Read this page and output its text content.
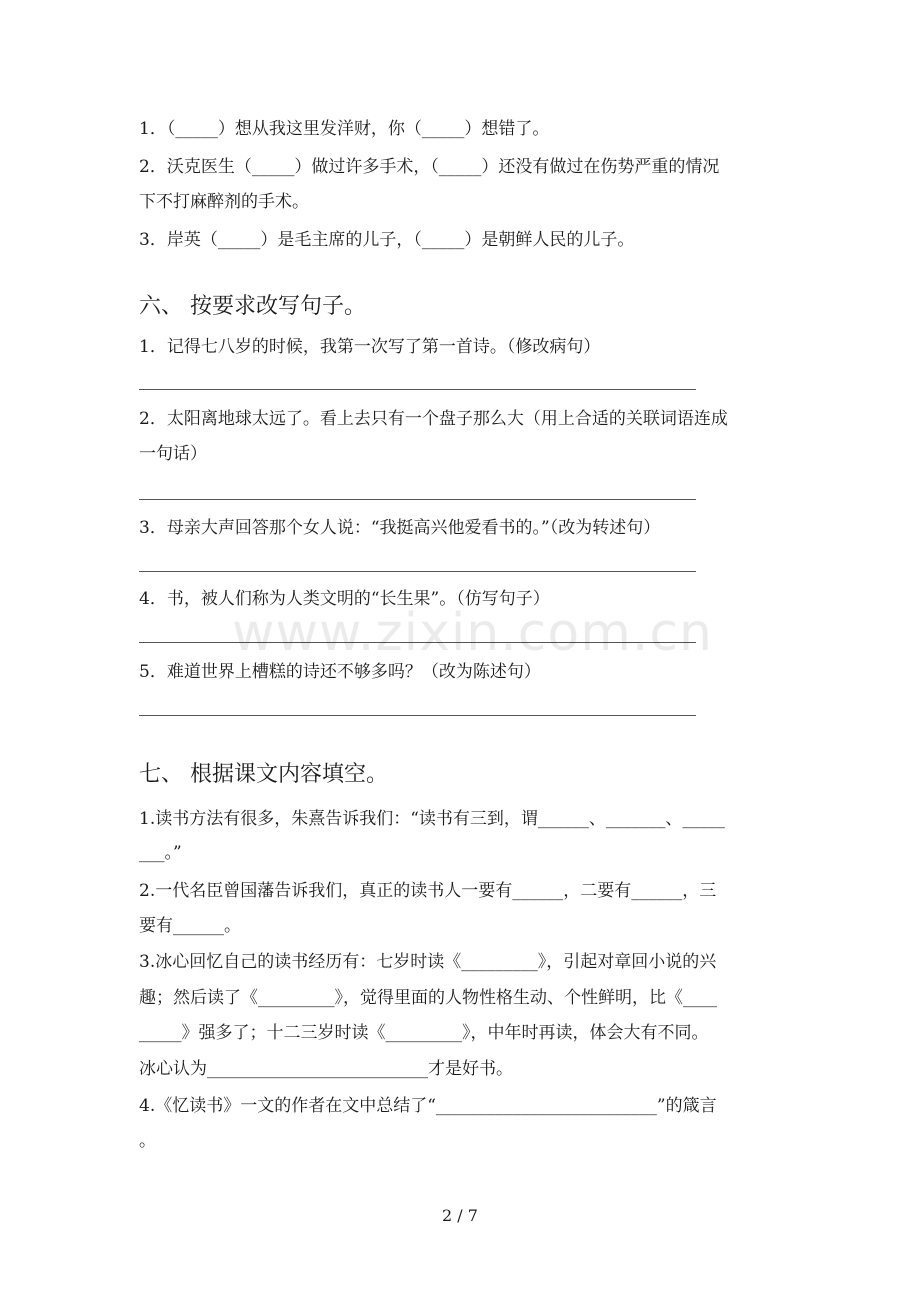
1．（_____）想从我这里发洋财，你（_____）想错了。
2．沃克医生（_____）做过许多手术，（_____）还没有做过在伤势严重的情况
下不打麻醉剂的手术。
3．岸英（_____）是毛主席的儿子，（_____）是朝鲜人民的儿子。
六、 按要求改写句子。
1．记得七八岁的时候，我第一次写了第一首诗。（修改病句）
2．太阳离地球太远了。看上去只有一个盘子那么大（用上合适的关联词语连成
一句话）
3．母亲大声回答那个女人说：“我挺高兴他爱看书的。”（改为转述句）
4．书，被人们称为人类文明的“长生果”。（仿写句子）
5．难道世界上槽糕的诗还不够多吗？（改为陈述句）
七、 根据课文内容填空。
1.读书方法有很多，朱熹告诉我们：“读书有三到，谓______、_______、_____
___。”
2.一代名臣曾国藩告诉我们，真正的读书人一要有______，二要有______，三
要有______。
3.冰心回忆自己的读书经历有：七岁时读《_________》，引起对章回小说的兴
趣；然后读了《_________》，觉得里面的人物性格生动、个性鲜明，比《____
_____》强多了；十二三岁时读《_________》，中年时再读，体会大有不同。
冰心认为__________________________才是好书。
4.《忆读书》一文的作者在文中总结了“__________________________”的箴言
。
2 / 7
www.zixin.com.cn
